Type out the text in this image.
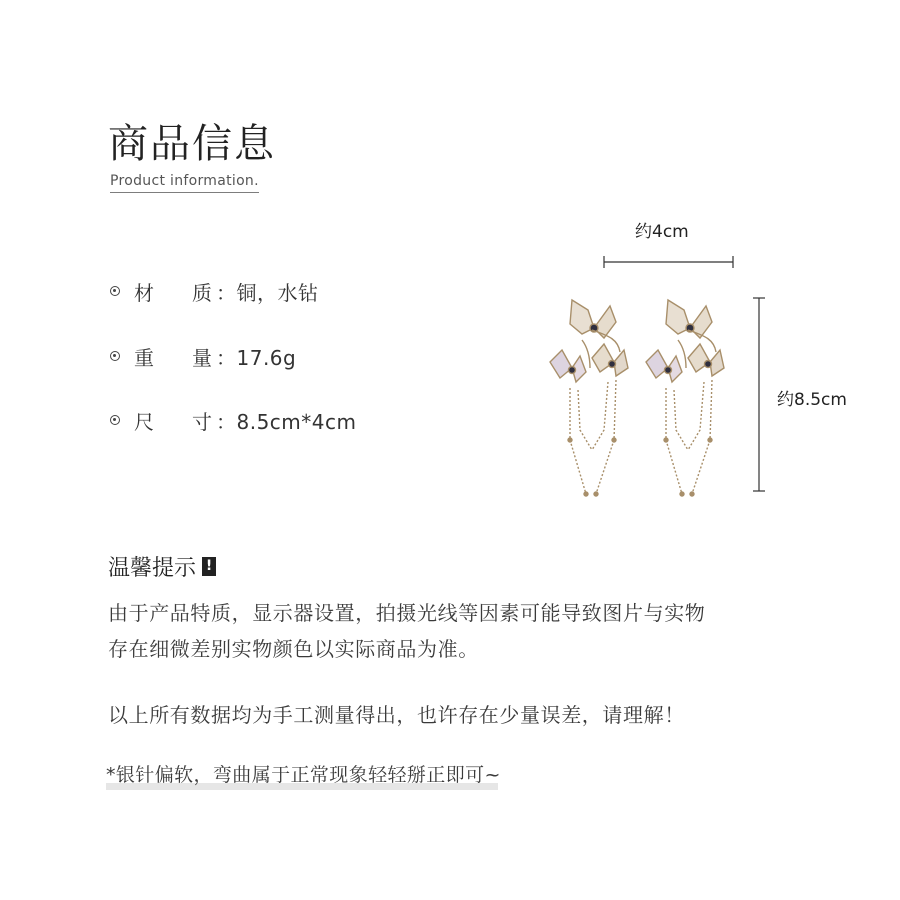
商品信息
Product information.
材 质 ：铜，水钻
重 量 ：17.6g
尺 寸 ：8.5cm*4cm
约4cm
约8.5cm
温馨提示 !
由于产品特质，显示器设置，拍摄光线等因素可能导致图片与实物
存在细微差别实物颜色以实际商品为准。
以上所有数据均为手工测量得出，也许存在少量误差，请理解！
*银针偏软，弯曲属于正常现象轻轻掰正即可~
